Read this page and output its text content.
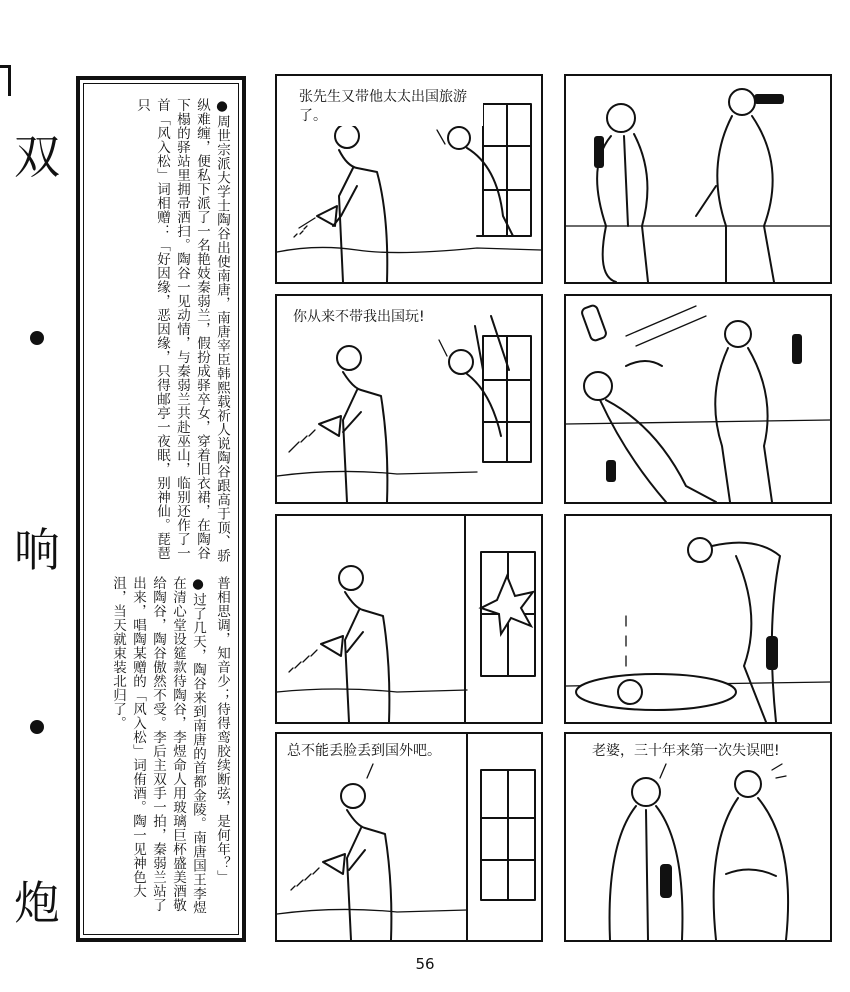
双
响
炮
●周世宗派大学士陶谷出使南唐，南唐宰臣韩熙载祈人说陶谷跟高于顶、骄纵难缠，便私下派了一名艳妓秦弱兰，假扮成驿卒女，穿着旧衣裙，在陶谷下榻的驿站里拥帚洒扫。陶谷一见动情，与秦弱兰共赴巫山，临别还作了一首「风入松」词相赠：「好因缘，恶因缘，只得邮亭一夜眠，别神仙。琵琶只
普相思调，知音少；待得鸾胶续断弦，是何年？」
●过了几天，陶谷来到南唐的首都金陵。南唐国王李煜在清心堂设筵款待陶谷，李煜命人用玻璃巨杯盛美酒敬给陶谷，陶谷傲然不受。李后主双手一拍，秦弱兰站了出来，唱陶某赠的「风入松」词侑酒。陶一见神色大沮，当天就束装北归了。
张先生又带他太太出国旅游了。
你从来不带我出国玩!
总不能丢脸丢到国外吧。	老婆，三十年来第一次失误吧!
56
